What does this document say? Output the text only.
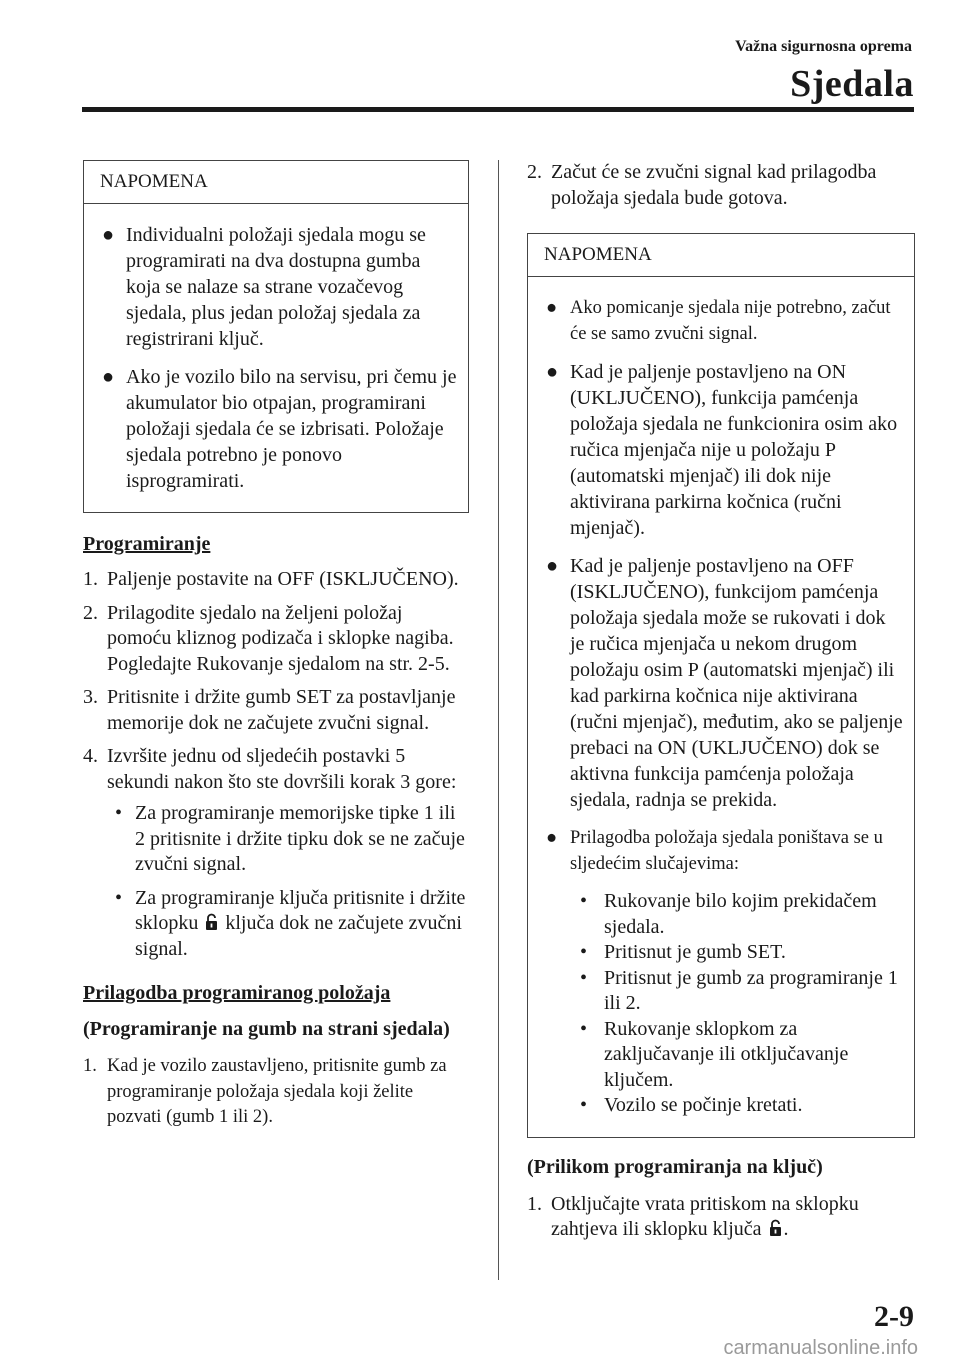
Važna sigurnosna oprema
Sjedala
NAPOMENA
● Individualni položaji sjedala mogu se programirati na dva dostupna gumba koja se nalaze sa strane vozačevog sjedala, plus jedan položaj sjedala za registrirani ključ.
● Ako je vozilo bilo na servisu, pri čemu je akumulator bio otpajan, programirani položaji sjedala će se izbrisati. Položaje sjedala potrebno je ponovo isprogramirati.
Programiranje
1. Paljenje postavite na OFF (ISKLJUČENO).
2. Prilagodite sjedalo na željeni položaj pomoću kliznog podizača i sklopke nagiba.
Pogledajte Rukovanje sjedalom na str. 2-5.
3. Pritisnite i držite gumb SET za postavljanje memorije dok ne začujete zvučni signal.
4. Izvršite jednu od sljedećih postavki 5 sekundi nakon što ste dovršili korak 3 gore:
• Za programiranje memorijske tipke 1 ili 2 pritisnite i držite tipku dok se ne začuje zvučni signal.
• Za programiranje ključa pritisnite i držite sklopku ključa dok ne začujete zvučni signal.
Prilagodba programiranog položaja
(Programiranje na gumb na strani sjedala)
1. Kad je vozilo zaustavljeno, pritisnite gumb za programiranje položaja sjedala koji želite pozvati (gumb 1 ili 2).
2. Začut će se zvučni signal kad prilagodba položaja sjedala bude gotova.
NAPOMENA
● Ako pomicanje sjedala nije potrebno, začut će se samo zvučni signal.
● Kad je paljenje postavljeno na ON (UKLJUČENO), funkcija pamćenja položaja sjedala ne funkcionira osim ako ručica mjenjača nije u položaju P (automatski mjenjač) ili dok nije aktivirana parkirna kočnica (ručni mjenjač).
● Kad je paljenje postavljeno na OFF (ISKLJUČENO), funkcijom pamćenja položaja sjedala može se rukovati i dok je ručica mjenjača u nekom drugom položaju osim P (automatski mjenjač) ili kad parkirna kočnica nije aktivirana (ručni mjenjač), međutim, ako se paljenje prebaci na ON (UKLJUČENO) dok se aktivna funkcija pamćenja položaja sjedala, radnja se prekida.
● Prilagodba položaja sjedala poništava se u sljedećim slučajevima:
• Rukovanje bilo kojim prekidačem sjedala.
• Pritisnut je gumb SET.
• Pritisnut je gumb za programiranje 1 ili 2.
• Rukovanje sklopkom za zaključavanje ili otključavanje ključem.
• Vozilo se počinje kretati.
(Prilikom programiranja na ključ)
1. Otključajte vrata pritiskom na sklopku zahtjeva ili sklopku ključa .
2-9
carmanualsonline.info
